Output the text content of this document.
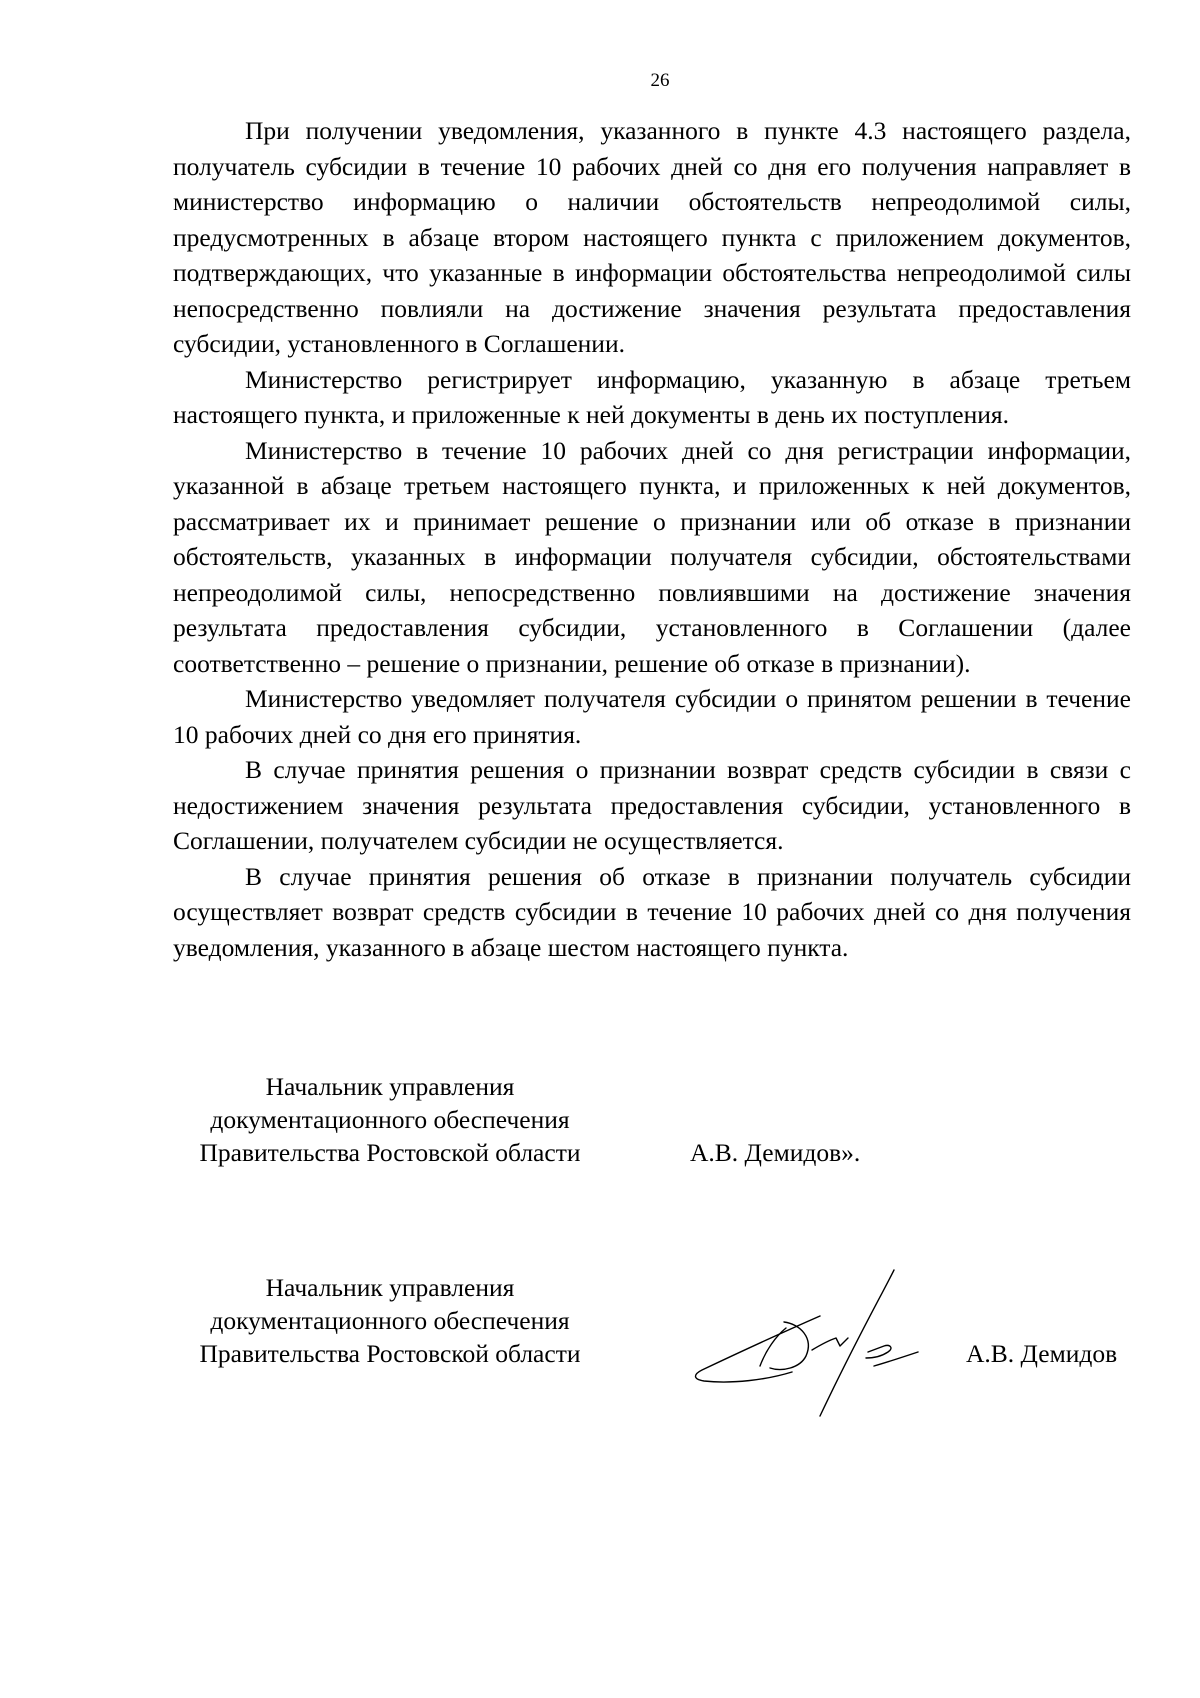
26

При получении уведомления, указанного в пункте 4.3 настоящего раздела, получатель субсидии в течение 10 рабочих дней со дня его получения направляет в министерство информацию о наличии обстоятельств непреодолимой силы, предусмотренных в абзаце втором настоящего пункта с приложением документов, подтверждающих, что указанные в информации обстоятельства непреодолимой силы непосредственно повлияли на достижение значения результата предоставления субсидии, установленного в Соглашении.

Министерство регистрирует информацию, указанную в абзаце третьем настоящего пункта, и приложенные к ней документы в день их поступления.

Министерство в течение 10 рабочих дней со дня регистрации информации, указанной в абзаце третьем настоящего пункта, и приложенных к ней документов, рассматривает их и принимает решение о признании или об отказе в признании обстоятельств, указанных в информации получателя субсидии, обстоятельствами непреодолимой силы, непосредственно повлиявшими на достижение значения результата предоставления субсидии, установленного в Соглашении (далее соответственно – решение о признании, решение об отказе в признании).

Министерство уведомляет получателя субсидии о принятом решении в течение 10 рабочих дней со дня его принятия.

В случае принятия решения о признании возврат средств субсидии в связи с недостижением значения результата предоставления субсидии, установленного в Соглашении, получателем субсидии не осуществляется.

В случае принятия решения об отказе в признании получатель субсидии осуществляет возврат средств субсидии в течение 10 рабочих дней со дня получения уведомления, указанного в абзаце шестом настоящего пункта.

Начальник управления
документационного обеспечения
Правительства Ростовской области	А.В. Демидов».
Начальник управления
документационного обеспечения
Правительства Ростовской области	А.В. Демидов
